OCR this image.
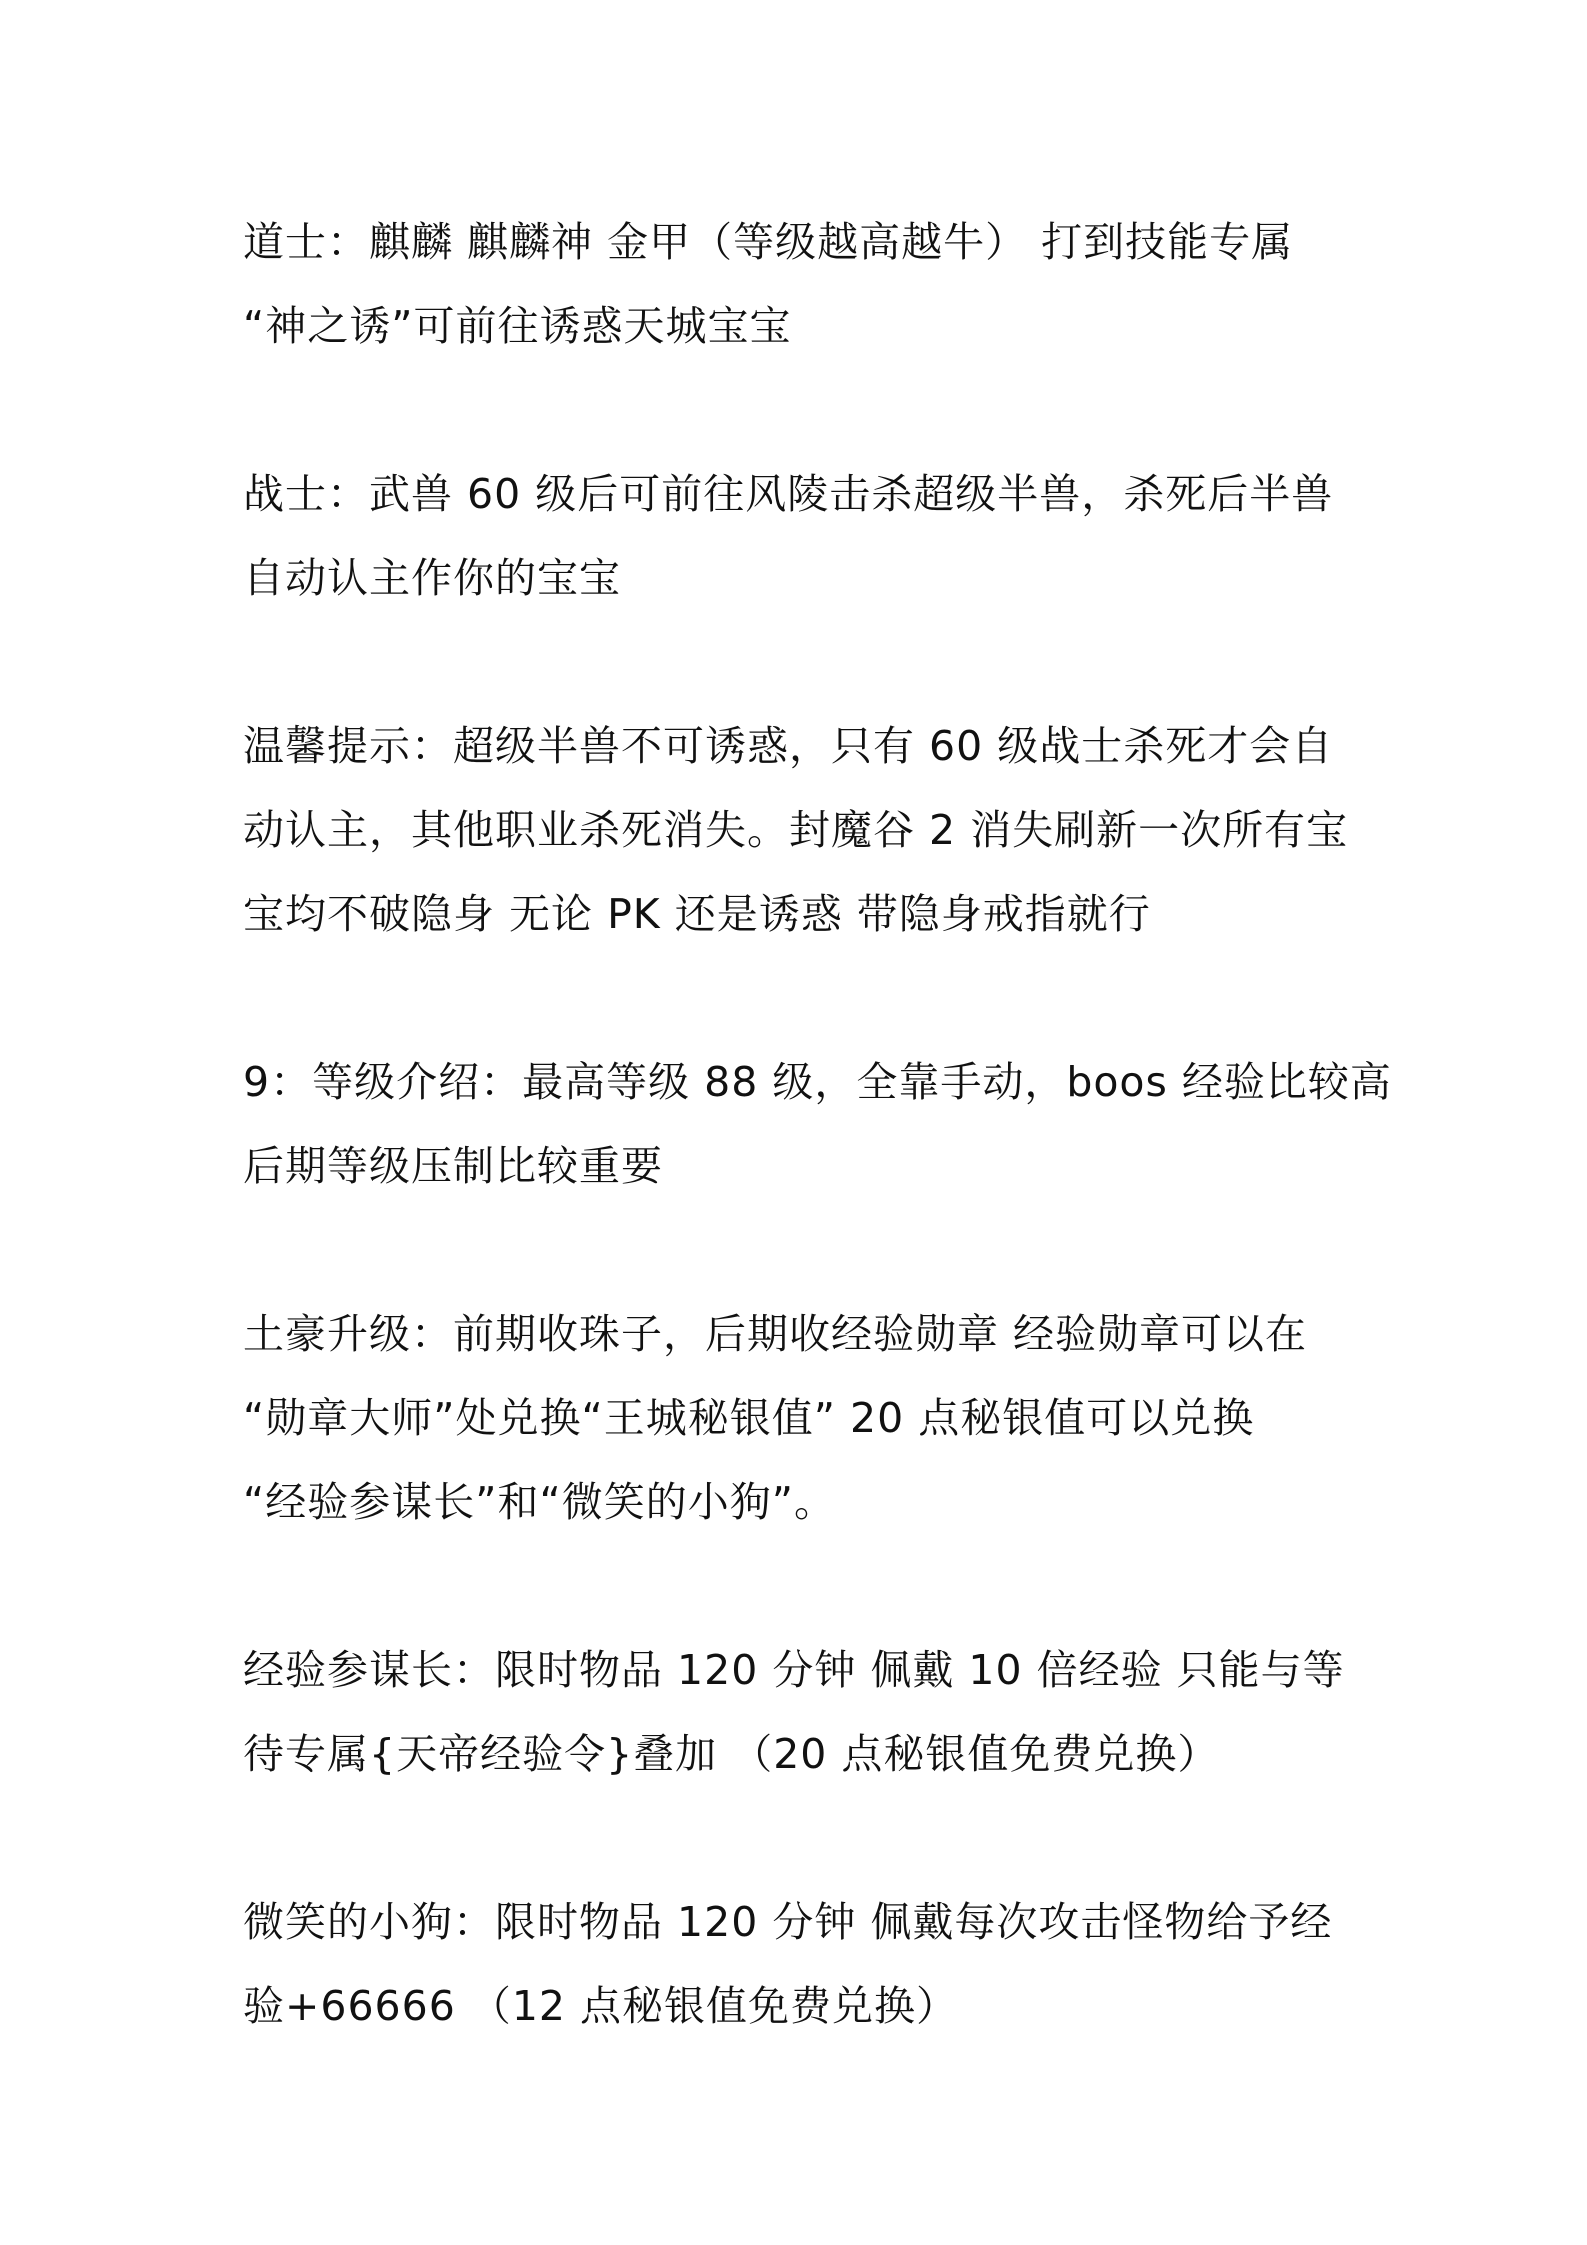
道士：麒麟 麒麟神 金甲（等级越高越牛） 打到技能专属
“神之诱”可前往诱惑天城宝宝
战士：武兽 60 级后可前往风陵击杀超级半兽，杀死后半兽
自动认主作你的宝宝
温馨提示：超级半兽不可诱惑，只有 60 级战士杀死才会自
动认主，其他职业杀死消失。封魔谷 2 消失刷新一次所有宝
宝均不破隐身 无论 PK 还是诱惑 带隐身戒指就行
9：等级介绍：最高等级 88 级，全靠手动，boos 经验比较高
后期等级压制比较重要
土豪升级：前期收珠子，后期收经验勋章 经验勋章可以在
“勋章大师”处兑换“王城秘银值” 20 点秘银值可以兑换
“经验参谋长”和“微笑的小狗”。
经验参谋长：限时物品 120 分钟 佩戴 10 倍经验 只能与等
待专属{天帝经验令}叠加 （20 点秘银值免费兑换）
微笑的小狗：限时物品 120 分钟 佩戴每次攻击怪物给予经
验+66666 （12 点秘银值免费兑换）
